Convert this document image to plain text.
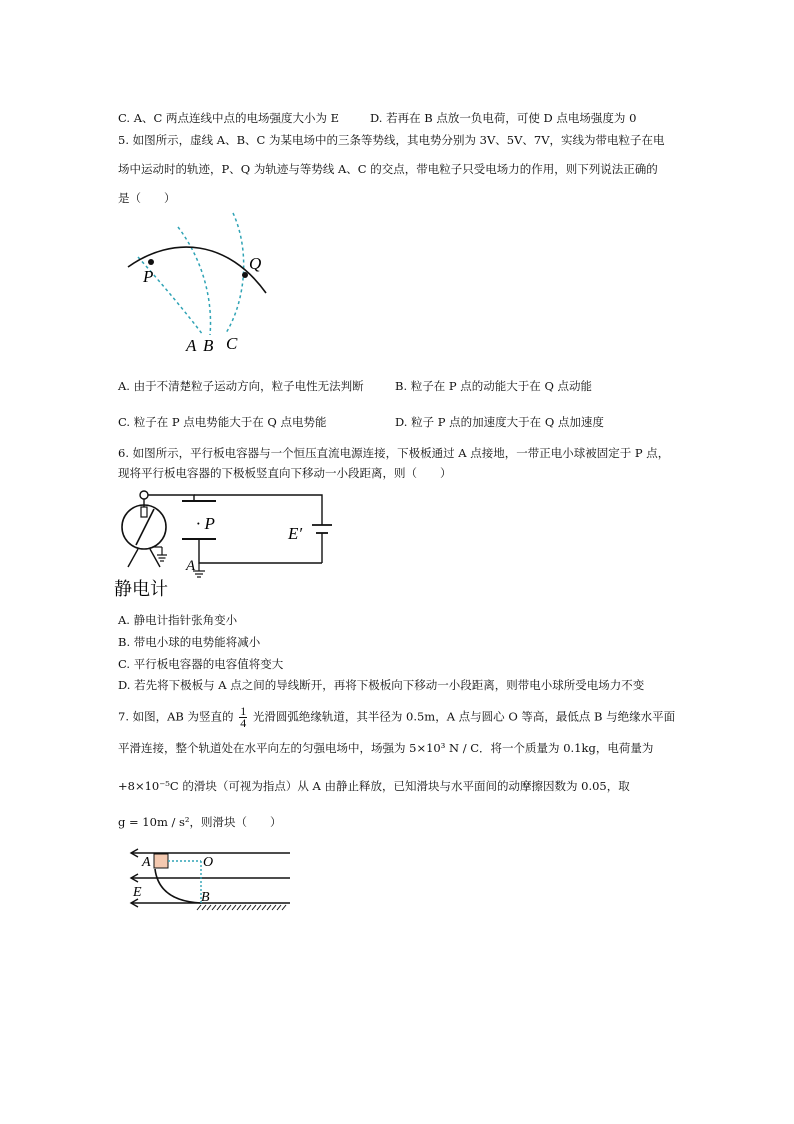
C. A、C 两点连线中点的电场强度大小为 E	D. 若再在 B 点放一负电荷，可使 D 点电场强度为 0
5. 如图所示，虚线 A、B、C 为某电场中的三条等势线，其电势分别为 3V、5V、7V，实线为带电粒子在电
场中运动时的轨迹，P、Q 为轨迹与等势线 A、C 的交点，带电粒子只受电场力的作用，则下列说法正确的
是（　　）
P
Q
A B C
A. 由于不清楚粒子运动方向，粒子电性无法判断	B. 粒子在 P 点的动能大于在 Q 点动能
C. 粒子在 P 点电势能大于在 Q 点电势能	D. 粒子 P 点的加速度大于在 Q 点加速度
6. 如图所示，平行板电容器与一个恒压直流电源连接，下极板通过 A 点接地，一带正电小球被固定于 P 点，
现将平行板电容器的下极板竖直向下移动一小段距离，则（　　）
静电计
· P
E′
A
A. 静电计指针张角变小
B. 带电小球的电势能将减小
C. 平行板电容器的电容值将变大
D. 若先将下极板与 A 点之间的导线断开，再将下极板向下移动一小段距离，则带电小球所受电场力不变
7. 如图，AB 为竖直的 $\frac{1}{4}$ 光滑圆弧绝缘轨道，其半径为 0.5m，A 点与圆心 O 等高，最低点 B 与绝缘水平面
平滑连接，整个轨道处在水平向左的匀强电场中，场强为 5×10³ N / C．将一个质量为 0.1kg，电荷量为
+8×10⁻⁵C 的滑块（可视为指点）从 A 由静止释放，已知滑块与水平面间的动摩擦因数为 0.05，取
g = 10m / s²，则滑块（　　）
A	O
E	B
